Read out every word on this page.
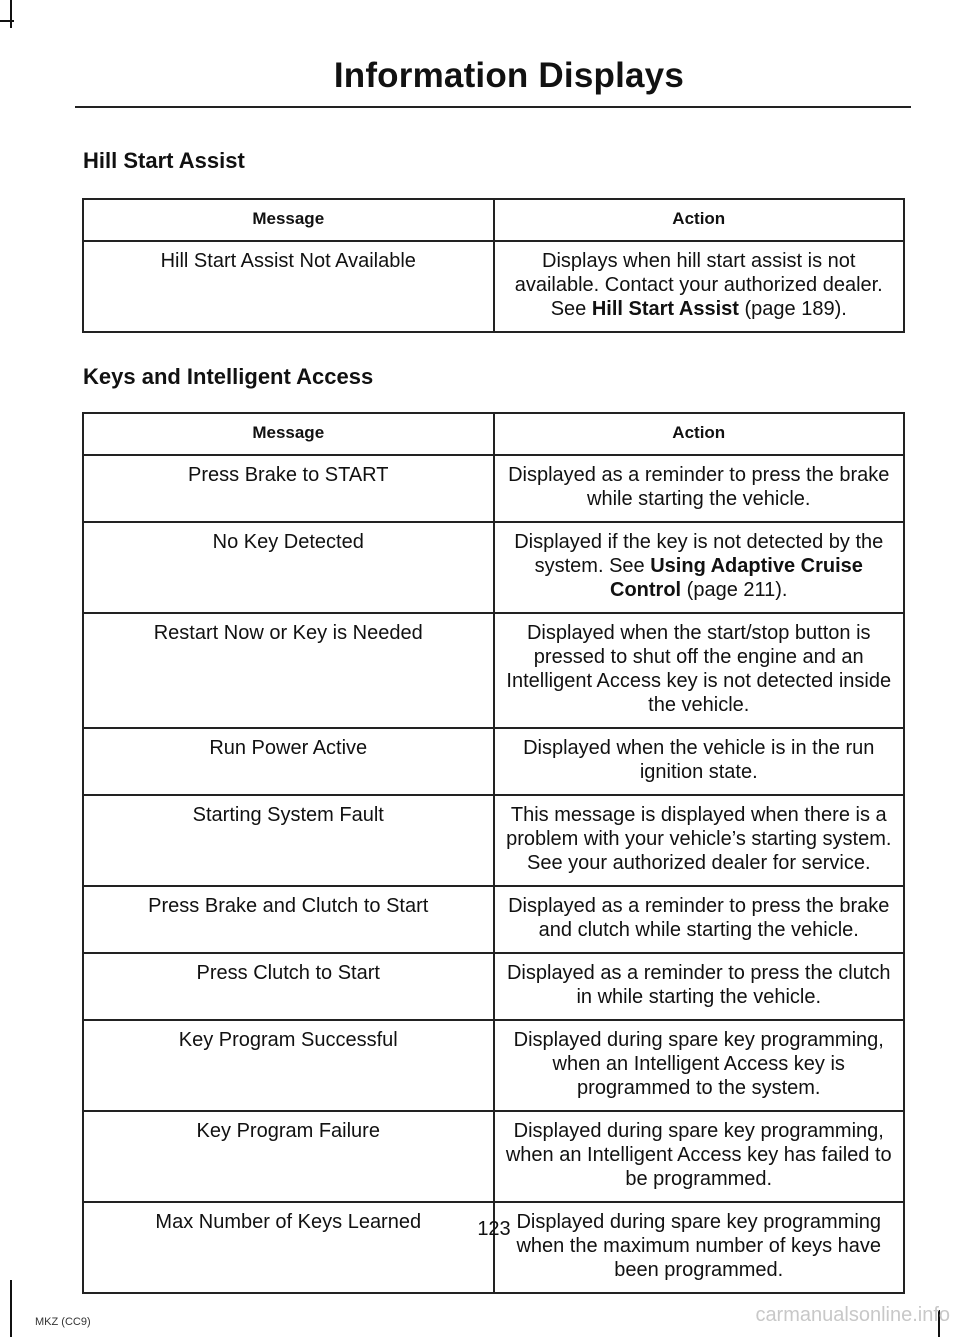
Information Displays
Hill Start Assist
Message	Action
Hill Start Assist Not Available	Displays when hill start assist is not available. Contact your authorized dealer. See Hill Start Assist (page 189).
Keys and Intelligent Access
Message	Action
Press Brake to START	Displayed as a reminder to press the brake while starting the vehicle.
No Key Detected	Displayed if the key is not detected by the system. See Using Adaptive Cruise Control (page 211).
Restart Now or Key is Needed	Displayed when the start/stop button is pressed to shut off the engine and an Intelligent Access key is not detected inside the vehicle.
Run Power Active	Displayed when the vehicle is in the run ignition state.
Starting System Fault	This message is displayed when there is a problem with your vehicle’s starting system. See your authorized dealer for service.
Press Brake and Clutch to Start	Displayed as a reminder to press the brake and clutch while starting the vehicle.
Press Clutch to Start	Displayed as a reminder to press the clutch in while starting the vehicle.
Key Program Successful	Displayed during spare key programming, when an Intelligent Access key is programmed to the system.
Key Program Failure	Displayed during spare key programming, when an Intelligent Access key has failed to be programmed.
Max Number of Keys Learned	Displayed during spare key programming when the maximum number of keys have been programmed.
123
MKZ (CC9)	carmanualsonline.info
